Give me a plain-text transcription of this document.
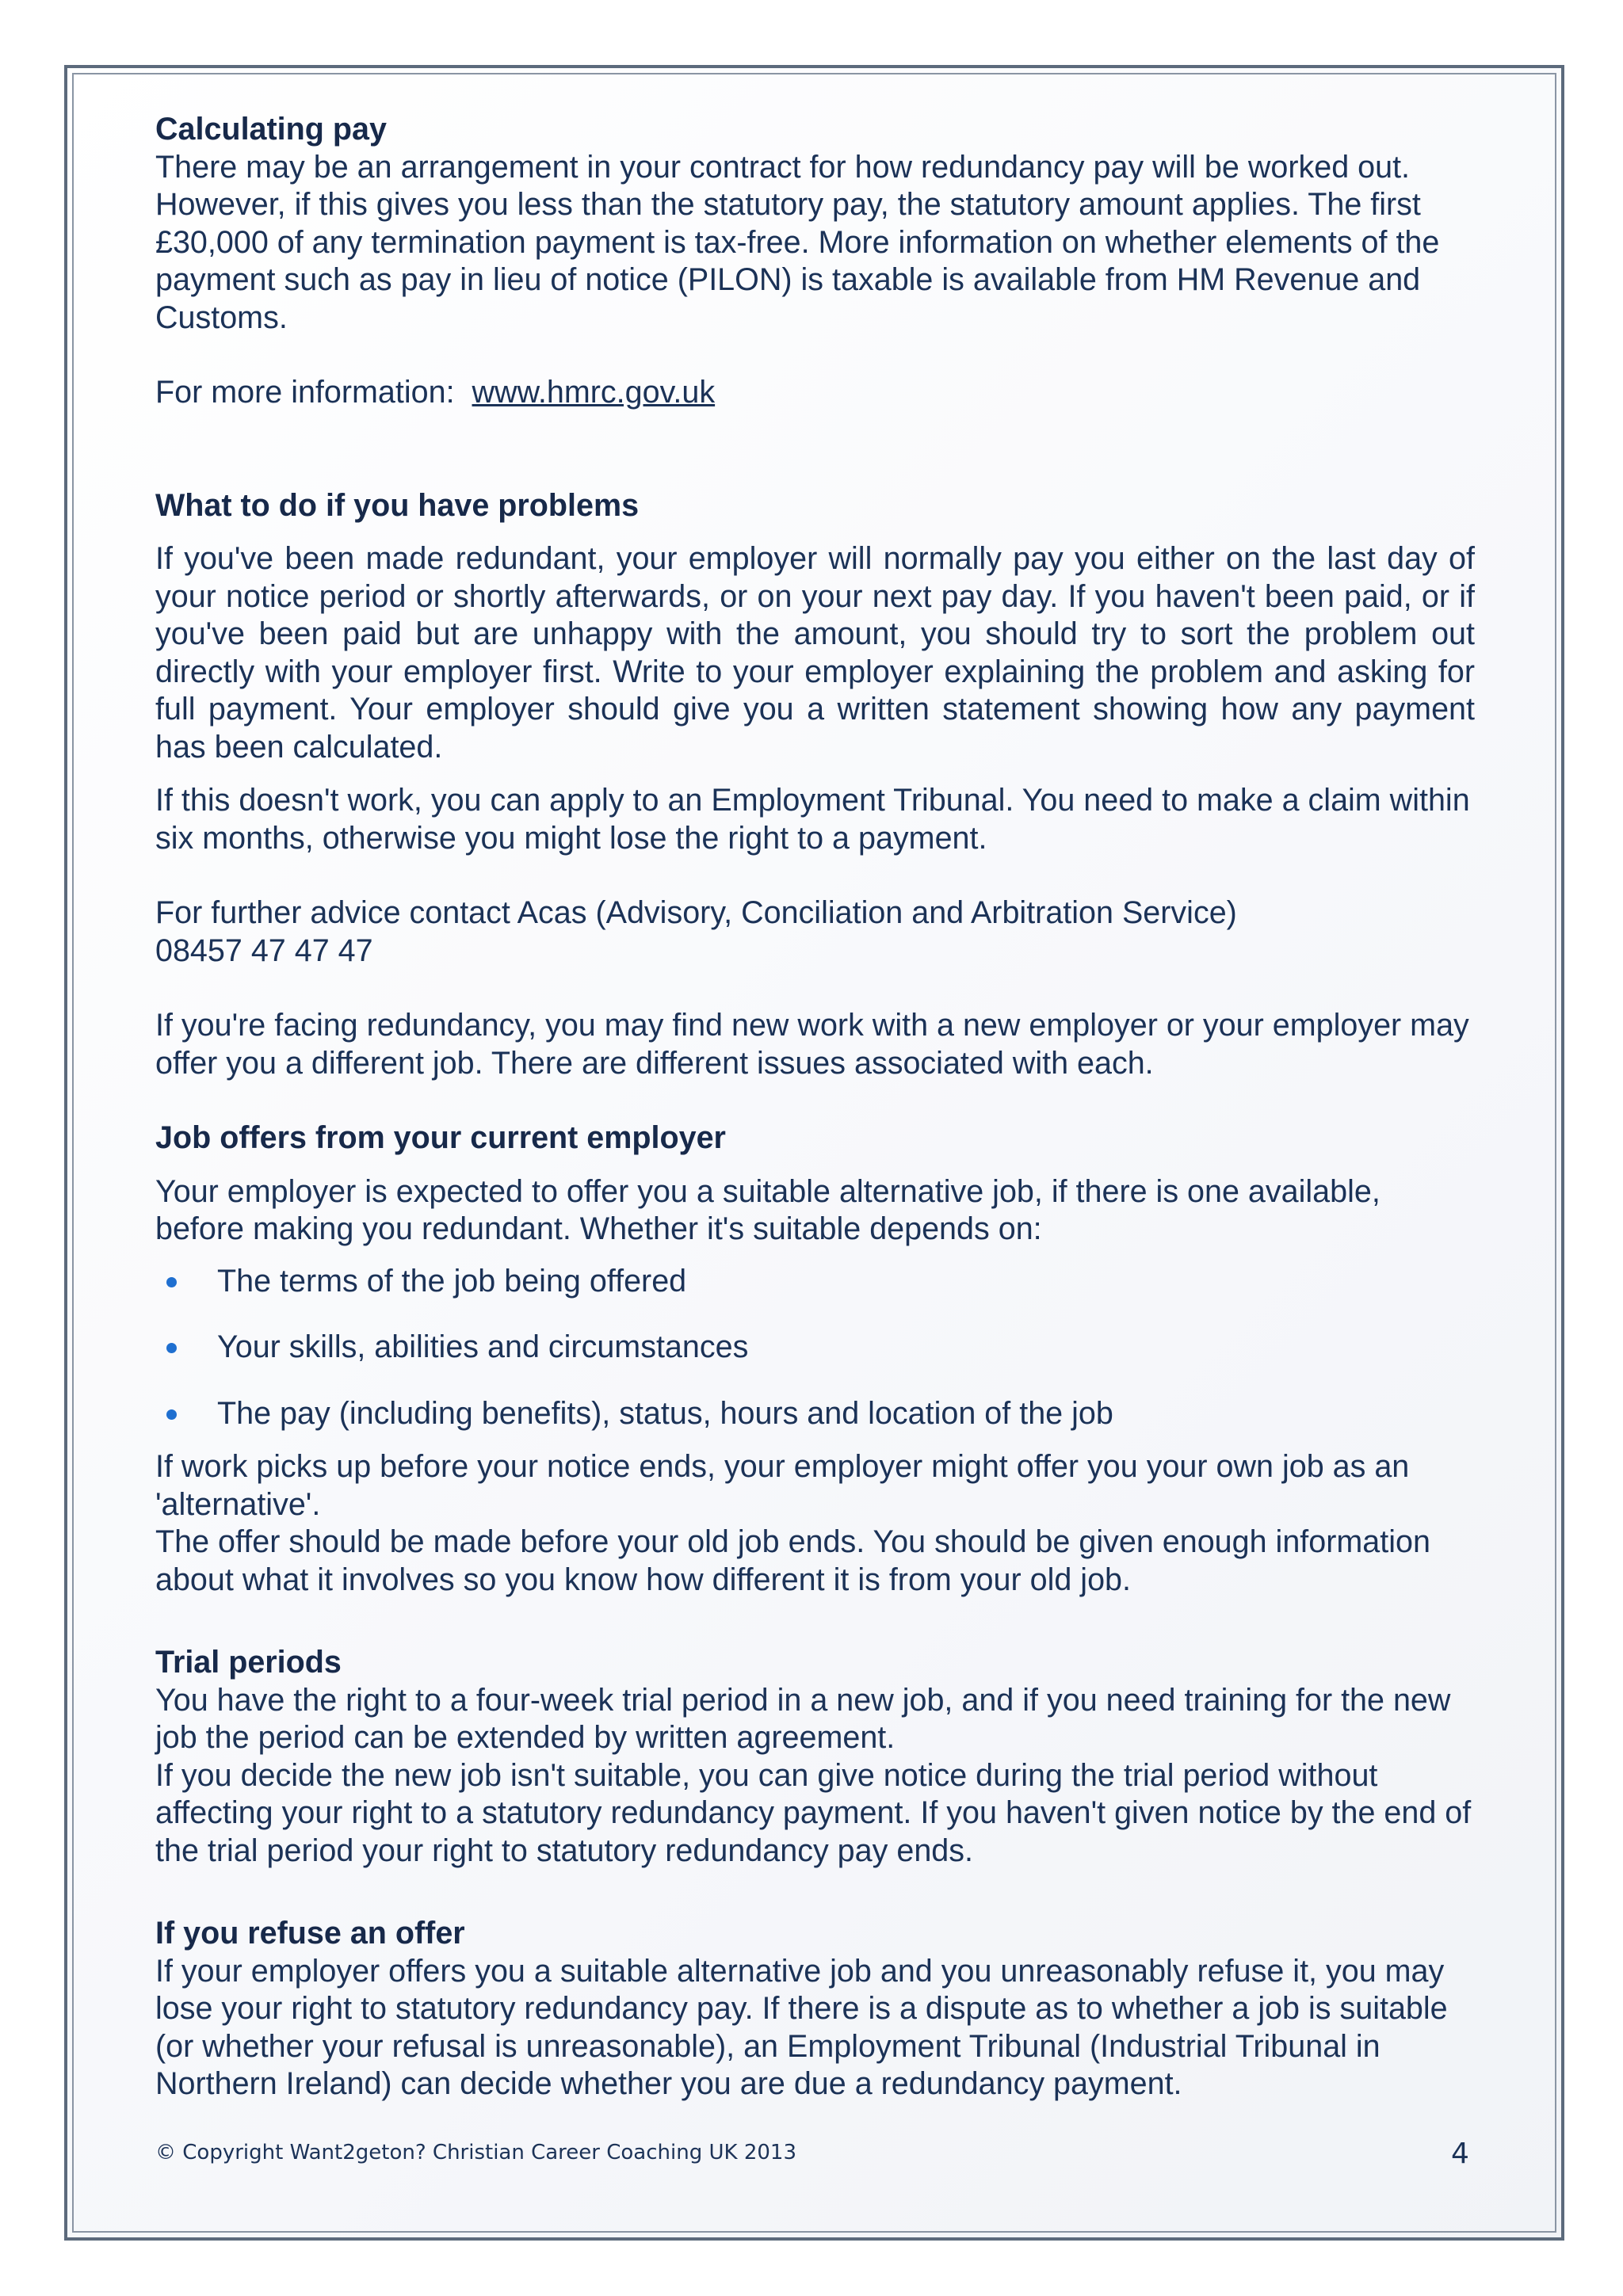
Calculating pay

There may be an arrangement in your contract for how redundancy pay will be worked out. However, if this gives you less than the statutory pay, the statutory amount applies. The first £30,000 of any termination payment is tax-free. More information on whether elements of the payment such as pay in lieu of notice (PILON) is taxable is available from HM Revenue and Customs.

For more information: www.hmrc.gov.uk

What to do if you have problems

If you've been made redundant, your employer will normally pay you either on the last day of your notice period or shortly afterwards, or on your next pay day. If you haven't been paid, or if you've been paid but are unhappy with the amount, you should try to sort the problem out directly with your employer first. Write to your employer explaining the problem and asking for full payment. Your employer should give you a written statement showing how any payment has been calculated.

If this doesn't work, you can apply to an Employment Tribunal. You need to make a claim within six months, otherwise you might lose the right to a payment.

For further advice contact Acas (Advisory, Conciliation and Arbitration Service)

08457 47 47 47

If you're facing redundancy, you may find new work with a new employer or your employer may offer you a different job. There are different issues associated with each.

Job offers from your current employer

Your employer is expected to offer you a suitable alternative job, if there is one available, before making you redundant. Whether it's suitable depends on:

The terms of the job being offered
Your skills, abilities and circumstances
The pay (including benefits), status, hours and location of the job

If work picks up before your notice ends, your employer might offer you your own job as an 'alternative'.

The offer should be made before your old job ends. You should be given enough information about what it involves so you know how different it is from your old job.

Trial periods

You have the right to a four-week trial period in a new job, and if you need training for the new job the period can be extended by written agreement.

If you decide the new job isn't suitable, you can give notice during the trial period without affecting your right to a statutory redundancy payment. If you haven't given notice by the end of the trial period your right to statutory redundancy pay ends.

If you refuse an offer

If your employer offers you a suitable alternative job and you unreasonably refuse it, you may lose your right to statutory redundancy pay. If there is a dispute as to whether a job is suitable (or whether your refusal is unreasonable), an Employment Tribunal (Industrial Tribunal in Northern Ireland) can decide whether you are due a redundancy payment.

© Copyright Want2geton? Christian Career Coaching UK 2013	4
